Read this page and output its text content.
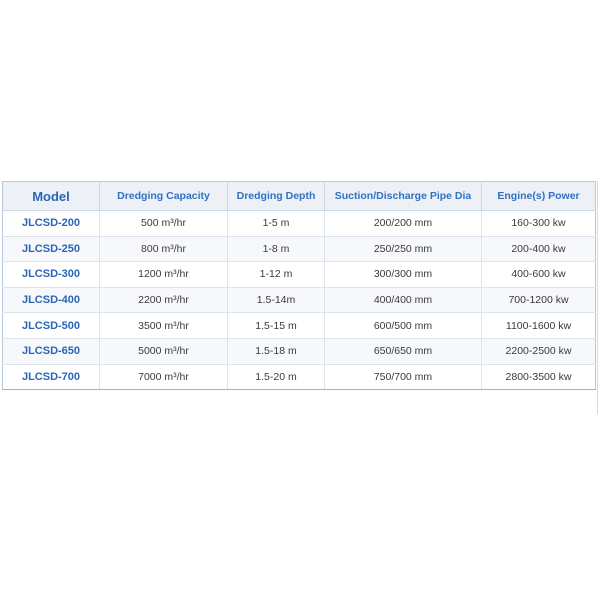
Model	Dredging Capacity	Dredging Depth	Suction/Discharge Pipe Dia	Engine(s) Power
JLCSD-200	500 m³/hr	1-5 m	200/200 mm	160-300 kw
JLCSD-250	800 m³/hr	1-8 m	250/250 mm	200-400 kw
JLCSD-300	1200 m³/hr	1-12 m	300/300 mm	400-600 kw
JLCSD-400	2200 m³/hr	1.5-14m	400/400 mm	700-1200 kw
JLCSD-500	3500 m³/hr	1.5-15 m	600/500 mm	1100-1600 kw
JLCSD-650	5000 m³/hr	1.5-18 m	650/650 mm	2200-2500 kw
JLCSD-700	7000 m³/hr	1.5-20 m	750/700 mm	2800-3500 kw
